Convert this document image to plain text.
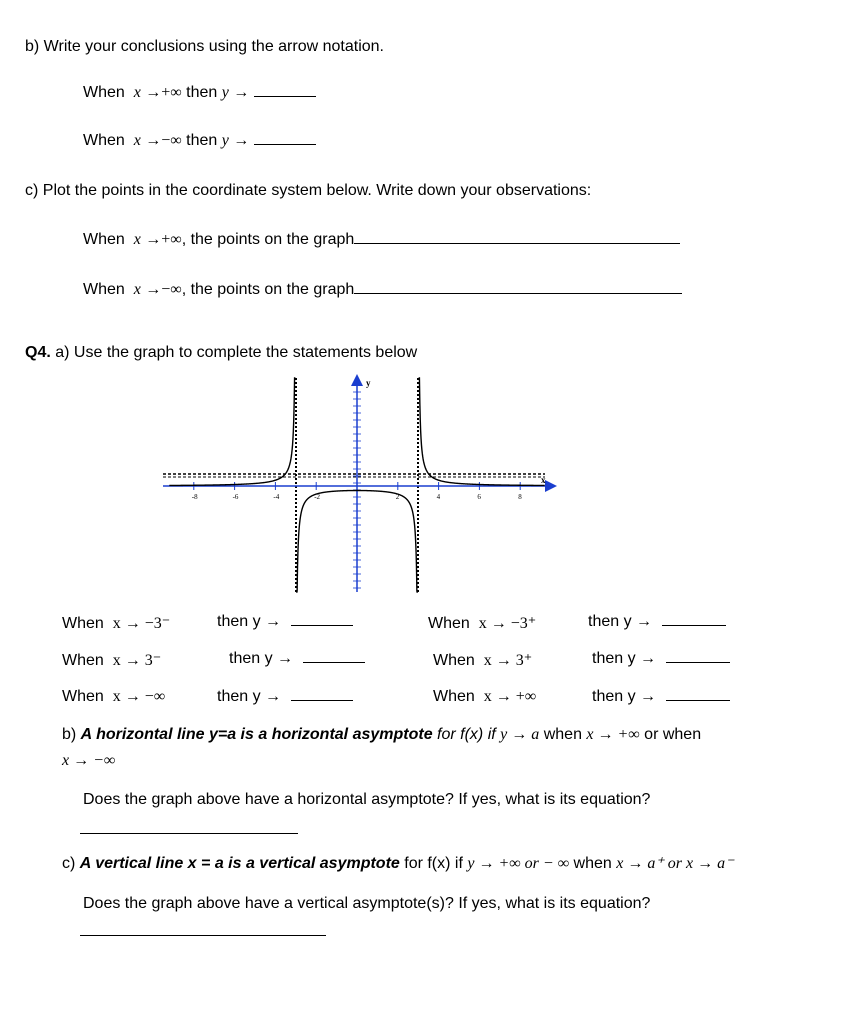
b) Write your conclusions using the arrow notation.
When x →+∞ then y →
When x →−∞ then y →
c) Plot the points in the coordinate system below. Write down your observations:
When x →+∞, the points on the graph
When x →−∞, the points on the graph
Q4. a) Use the graph to complete the statements below
-8	-6	-4	-2	2	4	6	8
y
x
When x → −3⁻	then y →	When x → −3⁺	then y →
When x → 3⁻	then y →	When x → 3⁺	then y →
When x → −∞	then y →	When x → +∞	then y →
b) A horizontal line y=a is a horizontal asymptote for f(x) if y → a when x → +∞ or when
x → −∞
Does the graph above have a horizontal asymptote? If yes, what is its equation?
c) A vertical line x = a is a vertical asymptote for f(x) if y → +∞ or − ∞ when x → a⁺ or x → a⁻
Does the graph above have a vertical asymptote(s)? If yes, what is its equation?
